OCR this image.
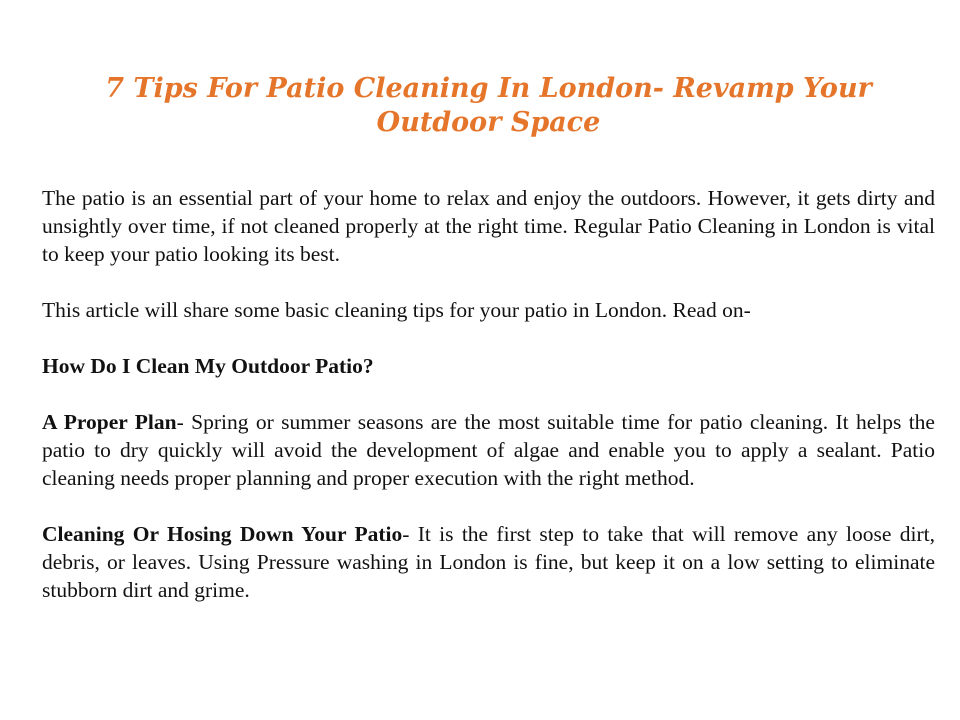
7 Tips For Patio Cleaning In London- Revamp Your Outdoor Space

The patio is an essential part of your home to relax and enjoy the outdoors. However, it gets dirty and unsightly over time, if not cleaned properly at the right time. Regular Patio Cleaning in London is vital to keep your patio looking its best.

This article will share some basic cleaning tips for your patio in London. Read on-

How Do I Clean My Outdoor Patio?

A Proper Plan- Spring or summer seasons are the most suitable time for patio cleaning. It helps the patio to dry quickly will avoid the development of algae and enable you to apply a sealant. Patio cleaning needs proper planning and proper execution with the right method.

Cleaning Or Hosing Down Your Patio- It is the first step to take that will remove any loose dirt, debris, or leaves. Using Pressure washing in London is fine, but keep it on a low setting to eliminate stubborn dirt and grime.
